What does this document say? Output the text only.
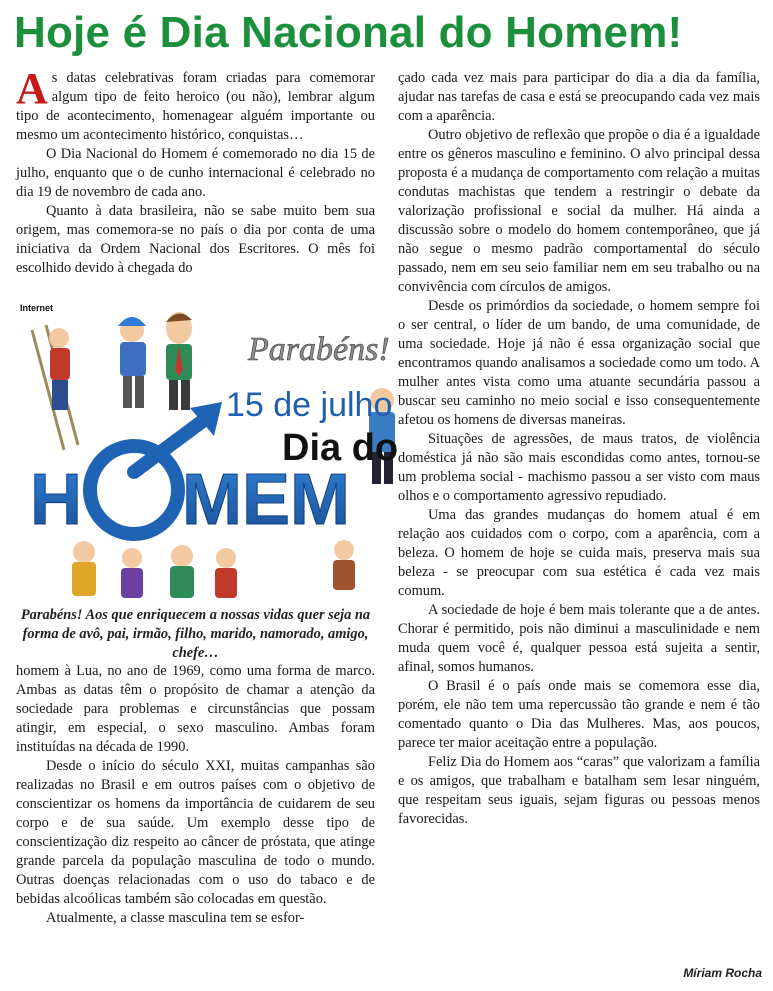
Hoje é Dia Nacional do Homem!

As datas celebrativas foram criadas para comemorar algum tipo de feito heroico (ou não), lembrar algum tipo de acontecimento, homenagear alguém importante ou mesmo um acontecimento histórico, conquistas…

O Dia Nacional do Homem é comemorado no dia 15 de julho, enquanto que o de cunho internacional é celebrado no dia 19 de novembro de cada ano.

Quanto à data brasileira, não se sabe muito bem sua origem, mas comemora-se no país o dia por conta de uma iniciativa da Ordem Nacional dos Escritores. O mês foi escolhido devido à chegada do

Internet
Parabéns!
15 de julho
Dia do
H MEM
Parabéns! Aos que enriquecem a nossas vidas quer seja na forma de avô, pai, irmão, filho, marido, namorado, amigo, chefe…

homem à Lua, no ano de 1969, como uma forma de marco. Ambas as datas têm o propósito de chamar a atenção da sociedade para problemas e circunstâncias que possam atingir, em especial, o sexo masculino. Ambas foram instituídas na década de 1990.

Desde o início do século XXI, muitas campanhas são realizadas no Brasil e em outros países com o objetivo de conscientizar os homens da importância de cuidarem de seu corpo e de sua saúde. Um exemplo desse tipo de conscientização diz respeito ao câncer de próstata, que atinge grande parcela da população masculina de todo o mundo. Outras doenças relacionadas com o uso do tabaco e de bebidas alcoólicas também são colocadas em questão.

Atualmente, a classe masculina tem se esfor-

çado cada vez mais para participar do dia a dia da família, ajudar nas tarefas de casa e está se preocupando cada vez mais com a aparência.

Outro objetivo de reflexão que propõe o dia é a igualdade entre os gêneros masculino e feminino. O alvo principal dessa proposta é a mudança de comportamento com relação a muitas condutas machistas que tendem a restringir o debate da valorização profissional e social da mulher. Há ainda a discussão sobre o modelo do homem contemporâneo, que já não segue o mesmo padrão comportamental do século passado, nem em seu seio familiar nem em seu trabalho ou na convivência com círculos de amigos.

Desde os primórdios da sociedade, o homem sempre foi o ser central, o líder de um bando, de uma comunidade, de uma sociedade. Hoje já não é essa organização social que encontramos quando analisamos a sociedade como um todo. A mulher antes vista como uma atuante secundária passou a buscar seu caminho no meio social e isso consequentemente afetou os homens de diversas maneiras.

Situações de agressões, de maus tratos, de violência doméstica já não são mais escondidas como antes, tornou-se um problema social - machismo passou a ser visto com maus olhos e o comportamento agressivo repudiado.

Uma das grandes mudanças do homem atual é em relação aos cuidados com o corpo, com a aparência, com a beleza. O homem de hoje se cuida mais, preserva mais sua beleza - se preocupar com sua estética é cada vez mais comum.

A sociedade de hoje é bem mais tolerante que a de antes. Chorar é permitido, pois não diminui a masculinidade e nem muda quem você é, qualquer pessoa está sujeita a sentir, afinal, somos humanos.

O Brasil é o país onde mais se comemora esse dia, porém, ele não tem uma repercussão tão grande e nem é tão comentado quanto o Dia das Mulheres. Mas, aos poucos, parece ter maior aceitação entre a população.

Feliz Dia do Homem aos “caras” que valorizam a família e os amigos, que trabalham e batalham sem lesar ninguém, que respeitam seus iguais, sejam figuras ou pessoas menos favorecidas.

Míriam Rocha
